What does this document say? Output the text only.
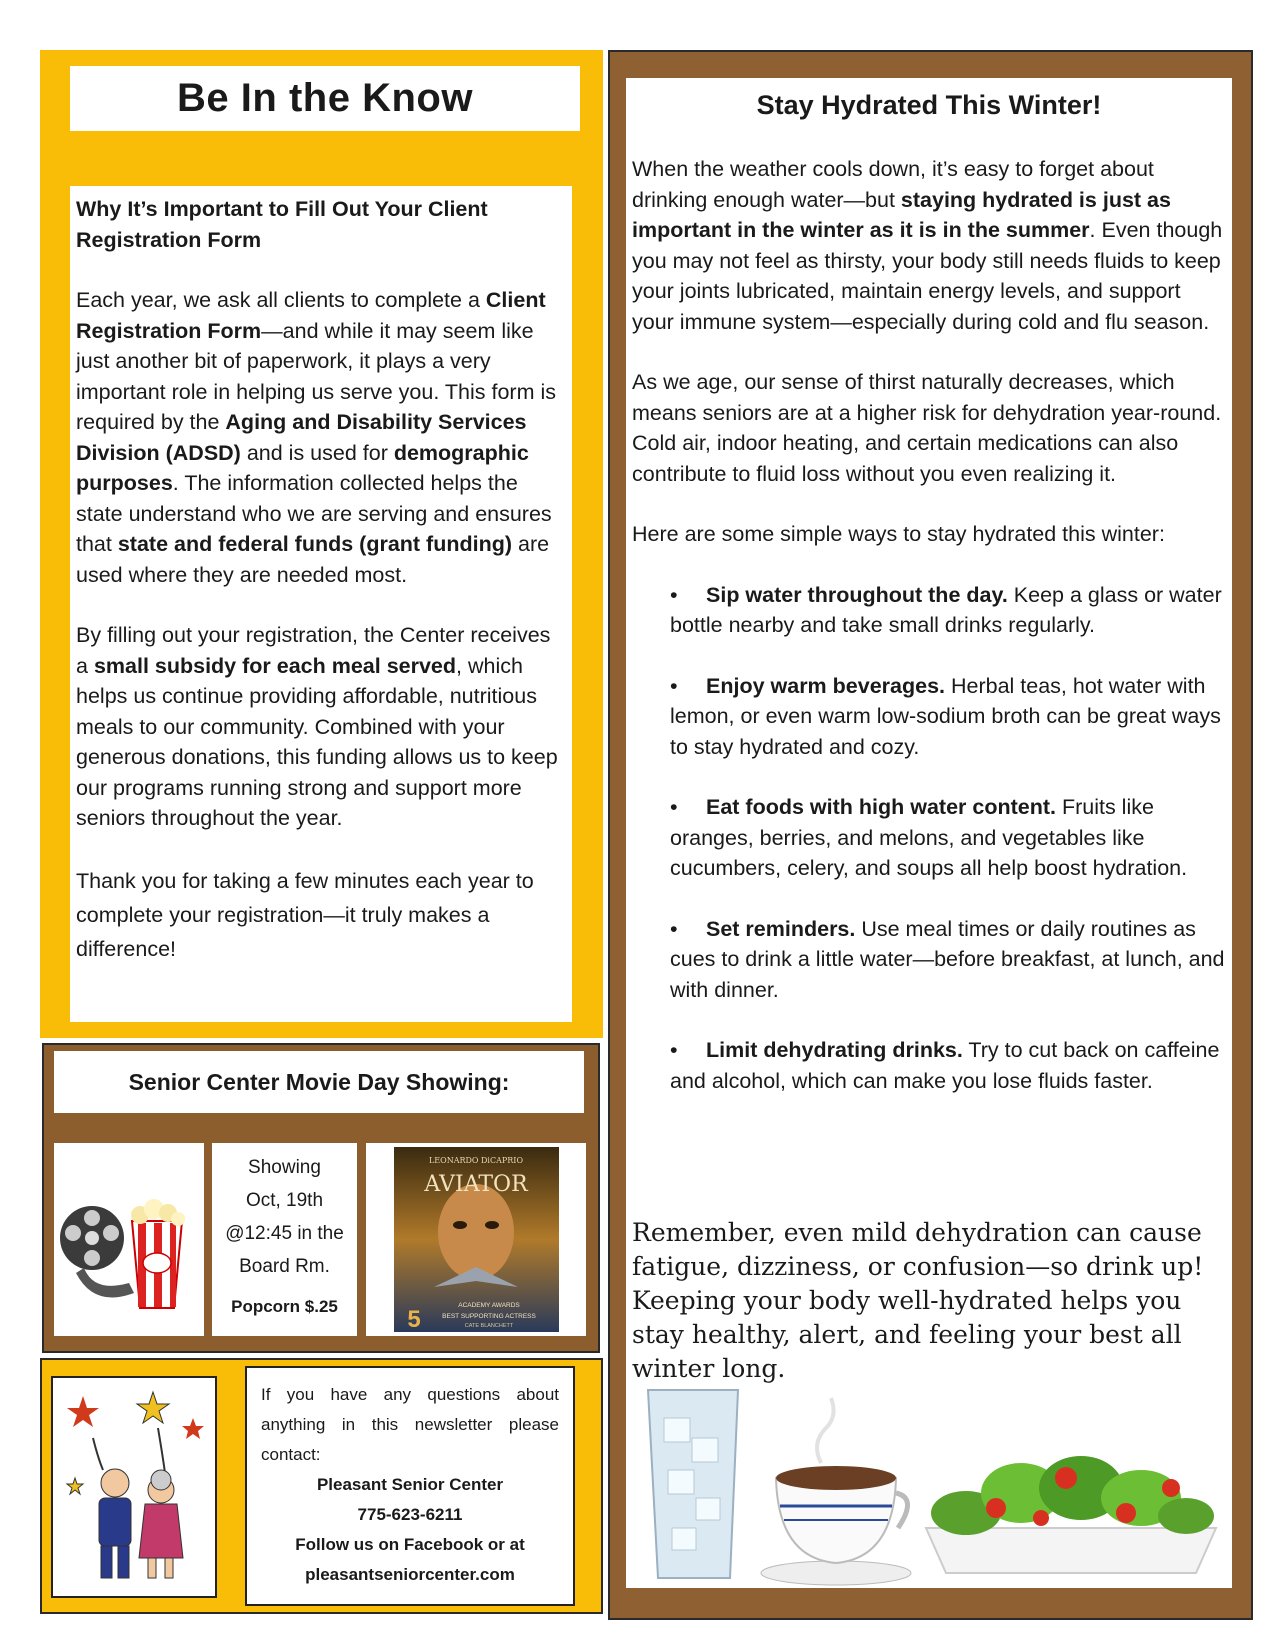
Be In the Know

Why It’s Important to Fill Out Your Client
Registration Form

Each year, we ask all clients to complete a Client Registration Form—and while it may seem like just another bit of paperwork, it plays a very important role in helping us serve you. This form is required by the Aging and Disability Services Division (ADSD) and is used for demographic purposes. The information collected helps the state understand who we are serving and ensures that state and federal funds (grant funding) are used where they are needed most.

By filling out your registration, the Center receives a small subsidy for each meal served, which helps us continue providing affordable, nutritious meals to our community. Combined with your generous donations, this funding allows us to keep our programs running strong and support more seniors throughout the year.

Thank you for taking a few minutes each year to complete your registration—it truly makes a difference!

Senior Center Movie Day Showing:
Showing
Oct, 19th
@12:45 in the
Board Rm.
Popcorn $.25
LEONARDO DiCAPRIO
AVIATOR
ACADEMY AWARDS
5	BEST SUPPORTING ACTRESS
CATE BLANCHETT
If you have any questions about anything in this newsletter please contact:
Pleasant Senior Center
775-623-6211
Follow us on Facebook or at
pleasantseniorcenter.com
Stay Hydrated This Winter!

When the weather cools down, it’s easy to forget about drinking enough water—but staying hydrated is just as important in the winter as it is in the summer. Even though you may not feel as thirsty, your body still needs fluids to keep your joints lubricated, maintain energy levels, and support your immune system—especially during cold and flu season.

As we age, our sense of thirst naturally decreases, which means seniors are at a higher risk for dehydration year-round. Cold air, indoor heating, and certain medications can also contribute to fluid loss without you even realizing it.

Here are some simple ways to stay hydrated this winter:

• Sip water throughout the day. Keep a glass or water bottle nearby and take small drinks regularly.
• Enjoy warm beverages. Herbal teas, hot water with lemon, or even warm low-sodium broth can be great ways to stay hydrated and cozy.
• Eat foods with high water content. Fruits like oranges, berries, and melons, and vegetables like cucumbers, celery, and soups all help boost hydration.
• Set reminders. Use meal times or daily routines as cues to drink a little water—before breakfast, at lunch, and with dinner.
• Limit dehydrating drinks. Try to cut back on caffeine and alcohol, which can make you lose fluids faster.
Remember, even mild dehydration can cause fatigue, dizziness, or confusion—so drink up! Keeping your body well-hydrated helps you stay healthy, alert, and feeling your best all winter long.
